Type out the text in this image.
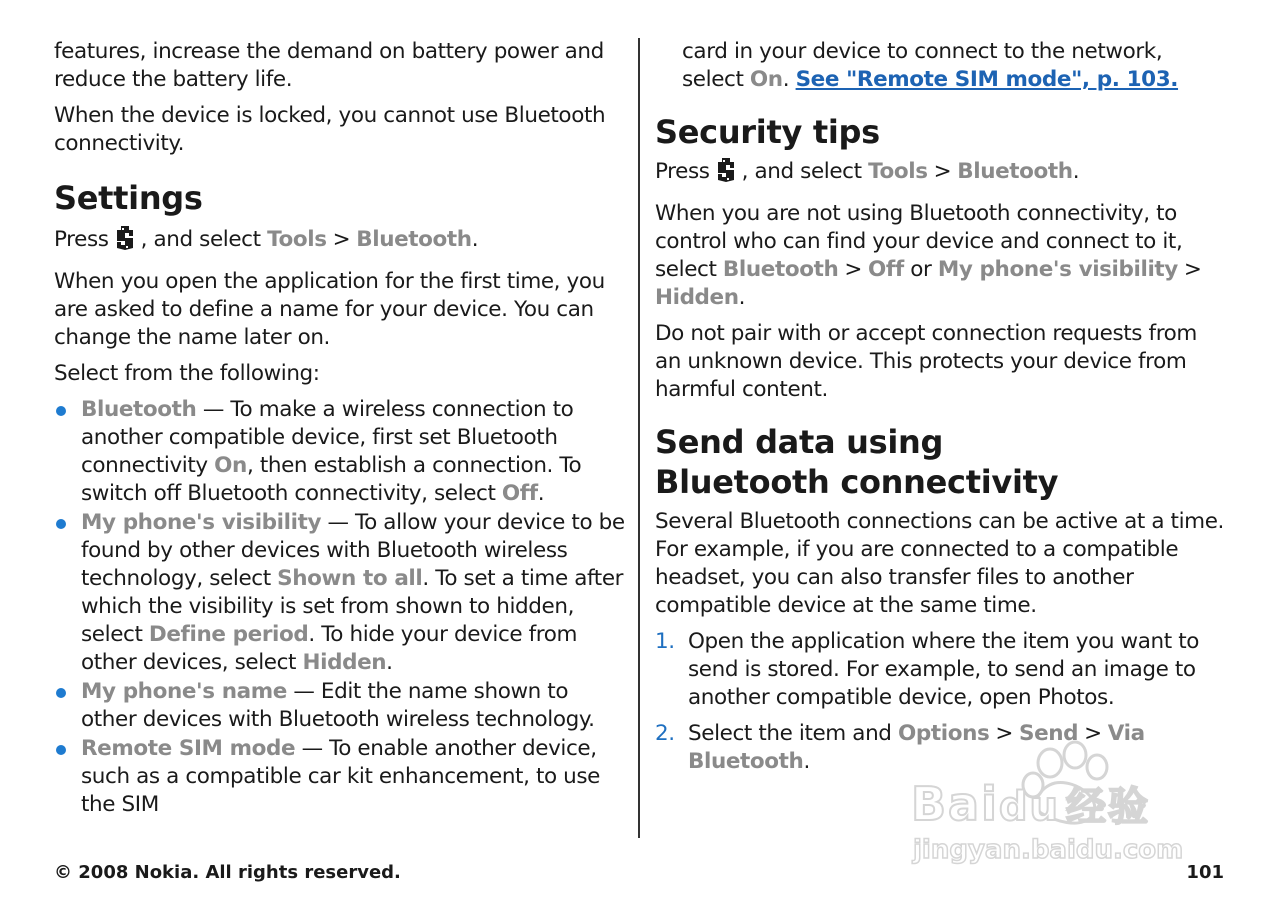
features, increase the demand on battery power and reduce the battery life.

When the device is locked, you cannot use Bluetooth connectivity.

Settings

Press , and select Tools > Bluetooth.

When you open the application for the first time, you are asked to define a name for your device. You can change the name later on.

Select from the following:

Bluetooth — To make a wireless connection to another compatible device, first set Bluetooth connectivity On, then establish a connection. To switch off Bluetooth connectivity, select Off.
My phone's visibility — To allow your device to be found by other devices with Bluetooth wireless technology, select Shown to all. To set a time after which the visibility is set from shown to hidden, select Define period. To hide your device from other devices, select Hidden.
My phone's name — Edit the name shown to other devices with Bluetooth wireless technology.
Remote SIM mode — To enable another device, such as a compatible car kit enhancement, to use the SIM

card in your device to connect to the network, select On. See "Remote SIM mode", p. 103.

Security tips

Press , and select Tools > Bluetooth.

When you are not using Bluetooth connectivity, to control who can find your device and connect to it, select Bluetooth > Off or My phone's visibility >Hidden.

Do not pair with or accept connection requests from an unknown device. This protects your device from harmful content.

Send data using Bluetooth connectivity

Several Bluetooth connections can be active at a time. For example, if you are connected to a compatible headset, you can also transfer files to another compatible device at the same time.

1. Open the application where the item you want to send is stored. For example, to send an image to another compatible device, open Photos.
2. Select the item and Options > Send > Via Bluetooth.
Baidu 经验
jingyan.baidu.com
© 2008 Nokia. All rights reserved.	101
